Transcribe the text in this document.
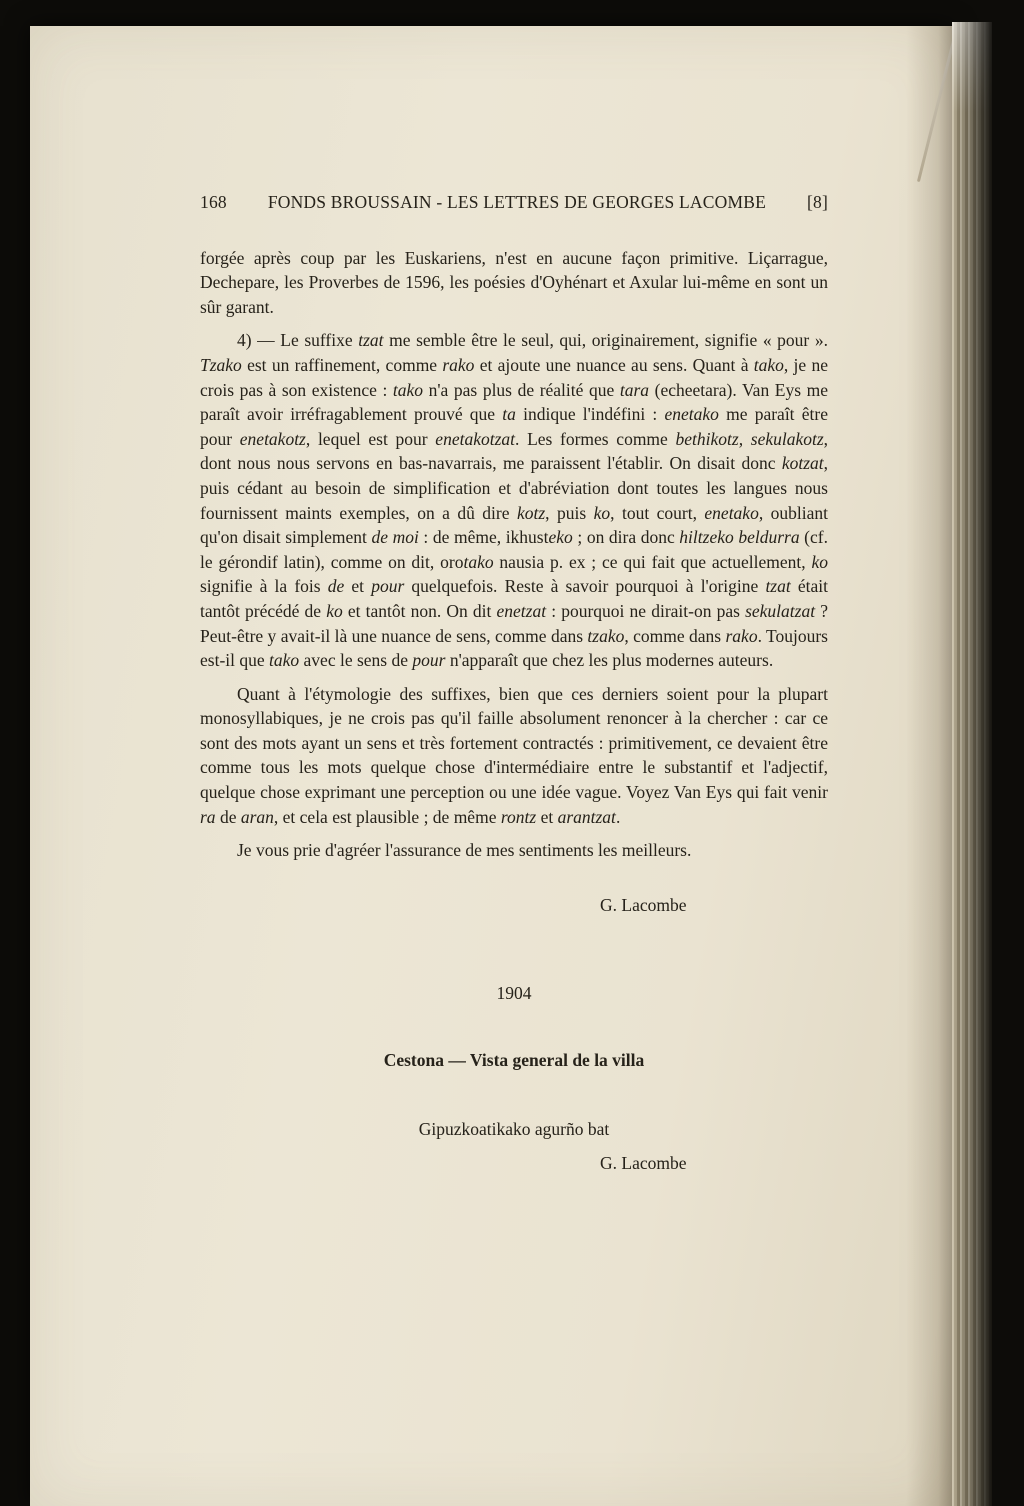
168	FONDS BROUSSAIN - LES LETTRES DE GEORGES LACOMBE	[8]

forgée après coup par les Euskariens, n'est en aucune façon primitive. Liçarrague, Dechepare, les Proverbes de 1596, les poésies d'Oyhénart et Axular lui-même en sont un sûr garant.

4) — Le suffixe tzat me semble être le seul, qui, originairement, signifie « pour ». Tzako est un raffinement, comme rako et ajoute une nuance au sens. Quant à tako, je ne crois pas à son existence : tako n'a pas plus de réalité que tara (echeetara). Van Eys me paraît avoir irréfragablement prouvé que ta indique l'indéfini : enetako me paraît être pour enetakotz, lequel est pour enetakotzat. Les formes comme bethikotz, sekulakotz, dont nous nous servons en bas-navarrais, me paraissent l'établir. On disait donc kotzat, puis cédant au besoin de simplification et d'abréviation dont toutes les langues nous fournissent maints exemples, on a dû dire kotz, puis ko, tout court, enetako, oubliant qu'on disait simplement de moi : de même, ikhusteko ; on dira donc hiltzeko beldurra (cf. le gérondif latin), comme on dit, orotako nausia p. ex ; ce qui fait que actuellement, ko signifie à la fois de et pour quelquefois. Reste à savoir pourquoi à l'origine tzat était tantôt précédé de ko et tantôt non. On dit enetzat : pourquoi ne dirait-on pas sekulatzat ? Peut-être y avait-il là une nuance de sens, comme dans tzako, comme dans rako. Toujours est-il que tako avec le sens de pour n'apparaît que chez les plus modernes auteurs.

Quant à l'étymologie des suffixes, bien que ces derniers soient pour la plupart monosyllabiques, je ne crois pas qu'il faille absolument renoncer à la chercher : car ce sont des mots ayant un sens et très fortement contractés : primitivement, ce devaient être comme tous les mots quelque chose d'intermédiaire entre le substantif et l'adjectif, quelque chose exprimant une perception ou une idée vague. Voyez Van Eys qui fait venir ra de aran, et cela est plausible ; de même rontz et arantzat.

Je vous prie d'agréer l'assurance de mes sentiments les meilleurs.

G. Lacombe
1904
Cestona — Vista general de la villa
Gipuzkoatikako agurño bat
G. Lacombe
